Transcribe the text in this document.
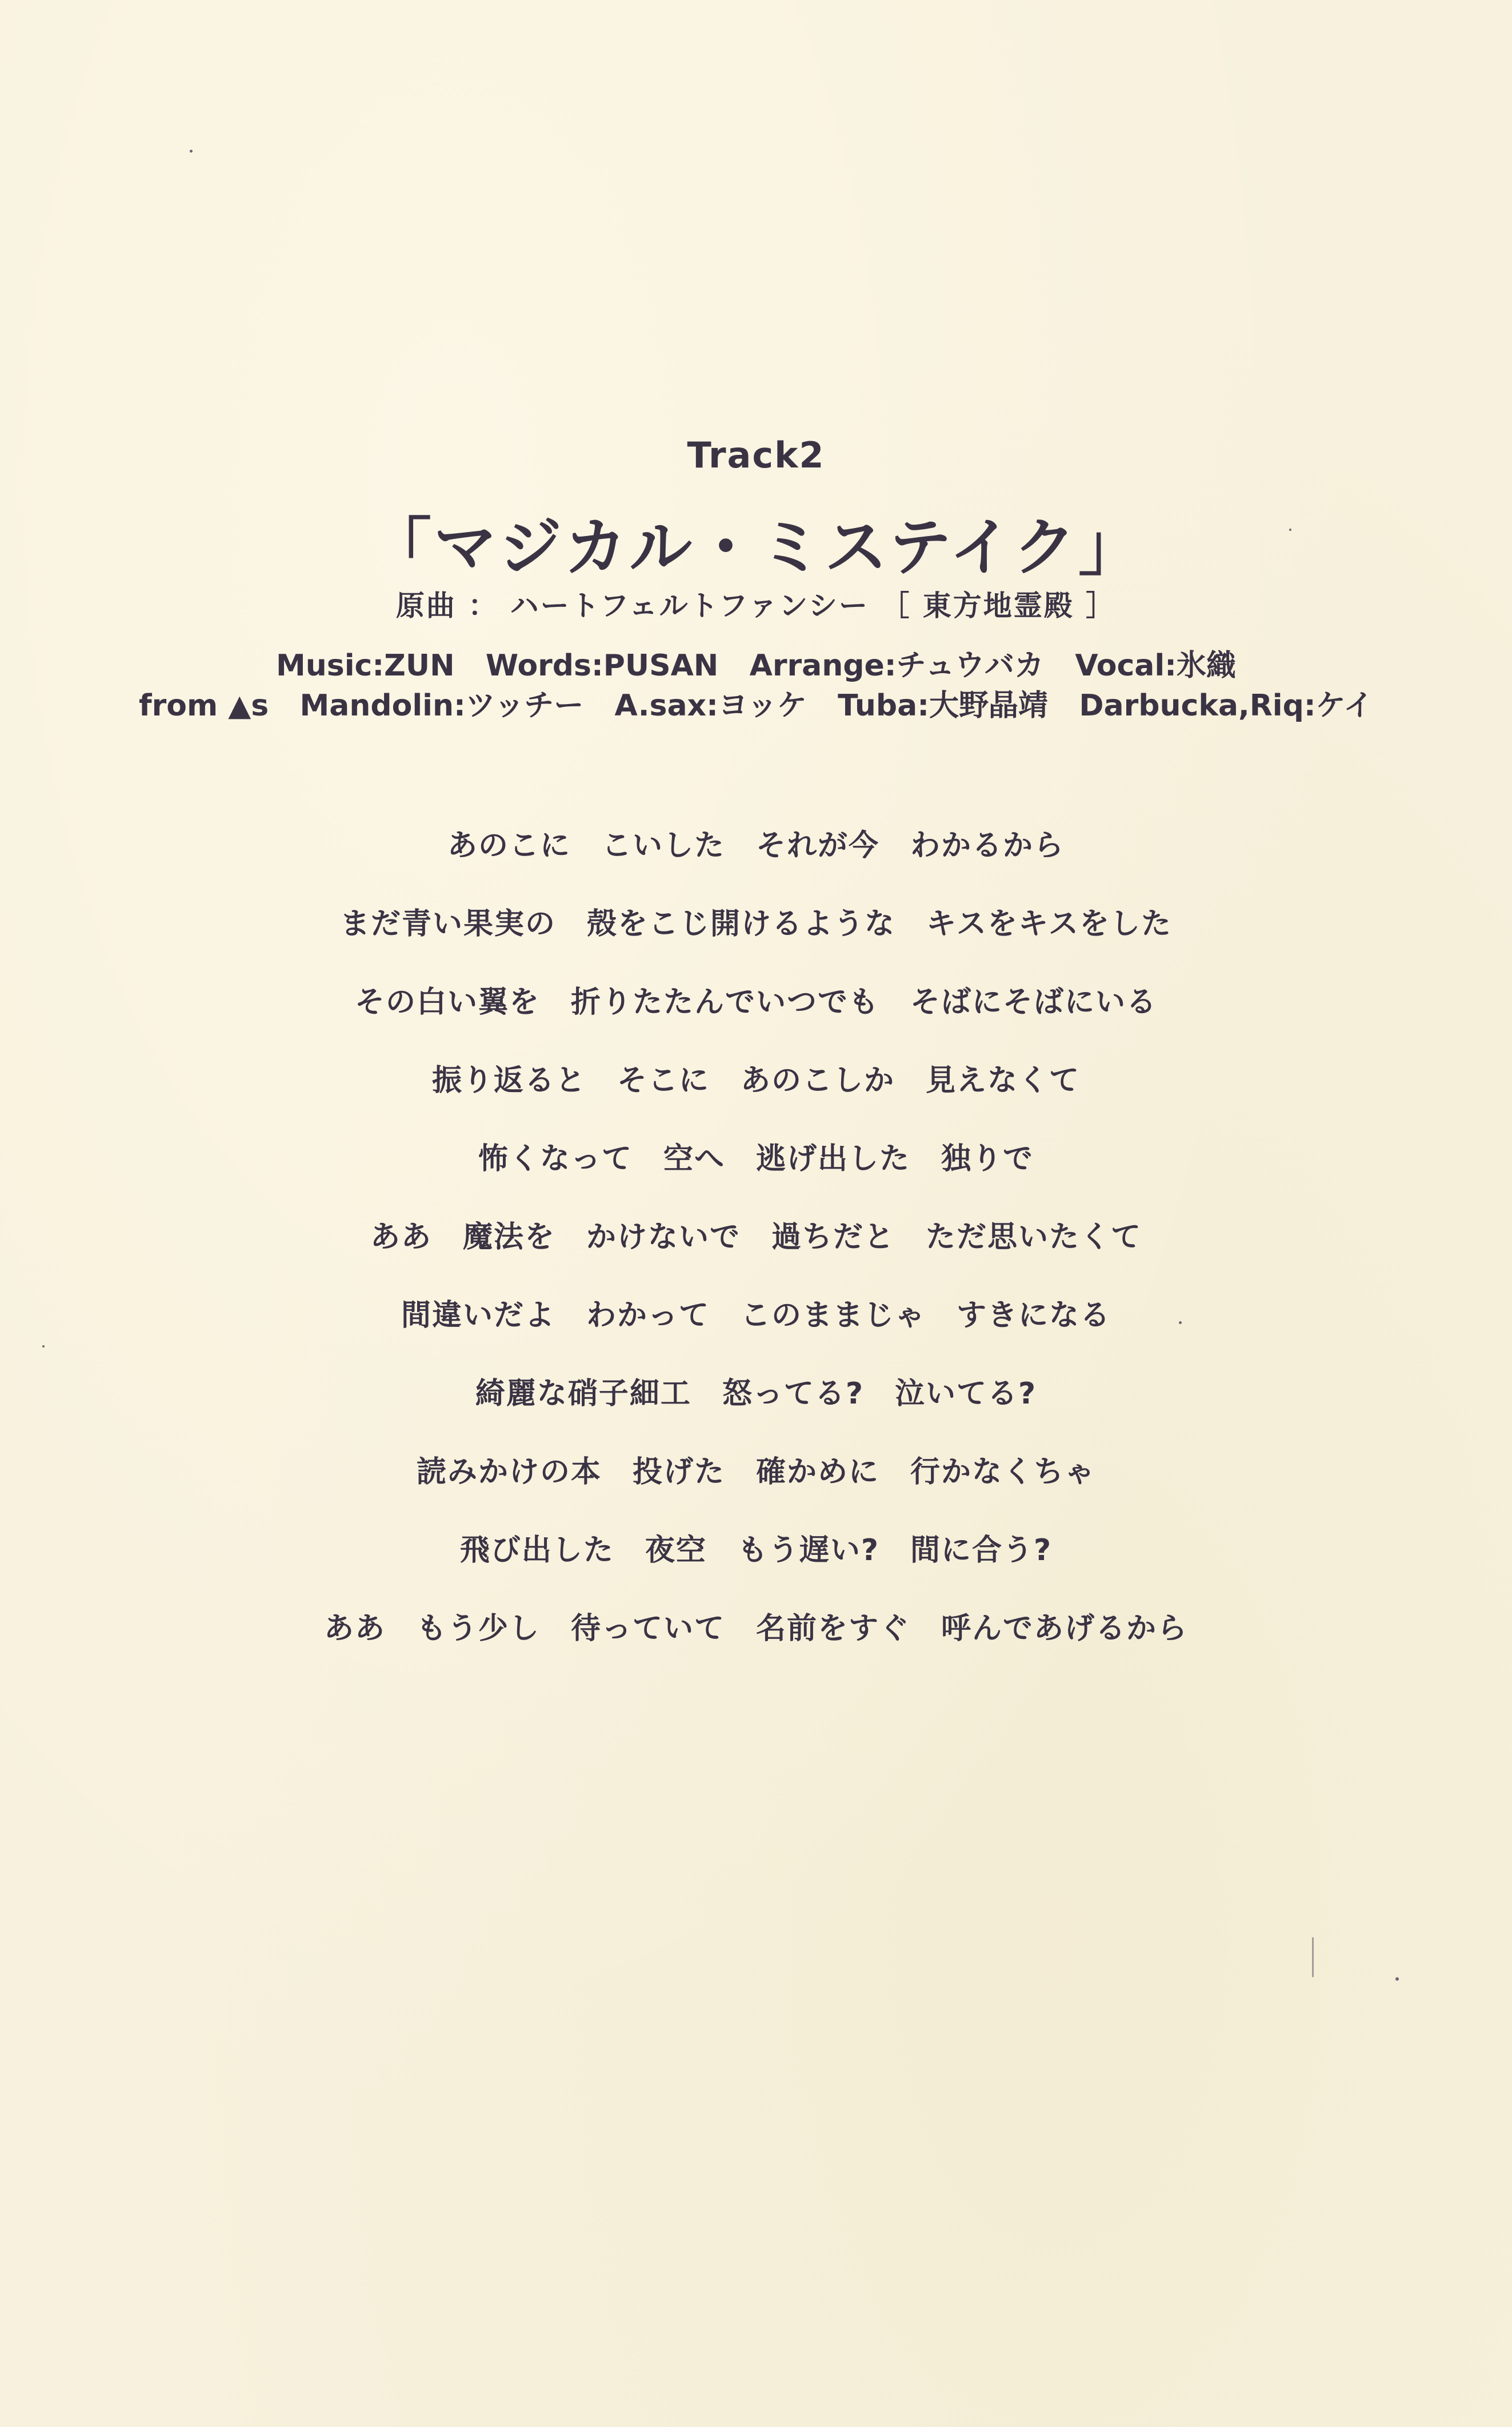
Track2
「マジカル・ミステイク」
原曲 ： ハートフェルトファンシー ［ 東方地霊殿 ］
Music:ZUN   Words:PUSAN   Arrange:チュウバカ   Vocal:氷織
from ▲s   Mandolin:ツッチー   A.sax:ヨッケ   Tuba:大野晶靖   Darbucka,Riq:ケイ
あのこに　こいした　それが今　わかるから
まだ青い果実の　殻をこじ開けるような　キスをキスをした
その白い翼を　折りたたんでいつでも　そばにそばにいる
振り返ると　そこに　あのこしか　見えなくて
怖くなって　空へ　逃げ出した　独りで
ああ　魔法を　かけないで　過ちだと　ただ思いたくて
間違いだよ　わかって　このままじゃ　すきになる
綺麗な硝子細工　怒ってる?　泣いてる?
読みかけの本　投げた　確かめに　行かなくちゃ
飛び出した　夜空　もう遅い?　間に合う?
ああ　もう少し　待っていて　名前をすぐ　呼んであげるから
